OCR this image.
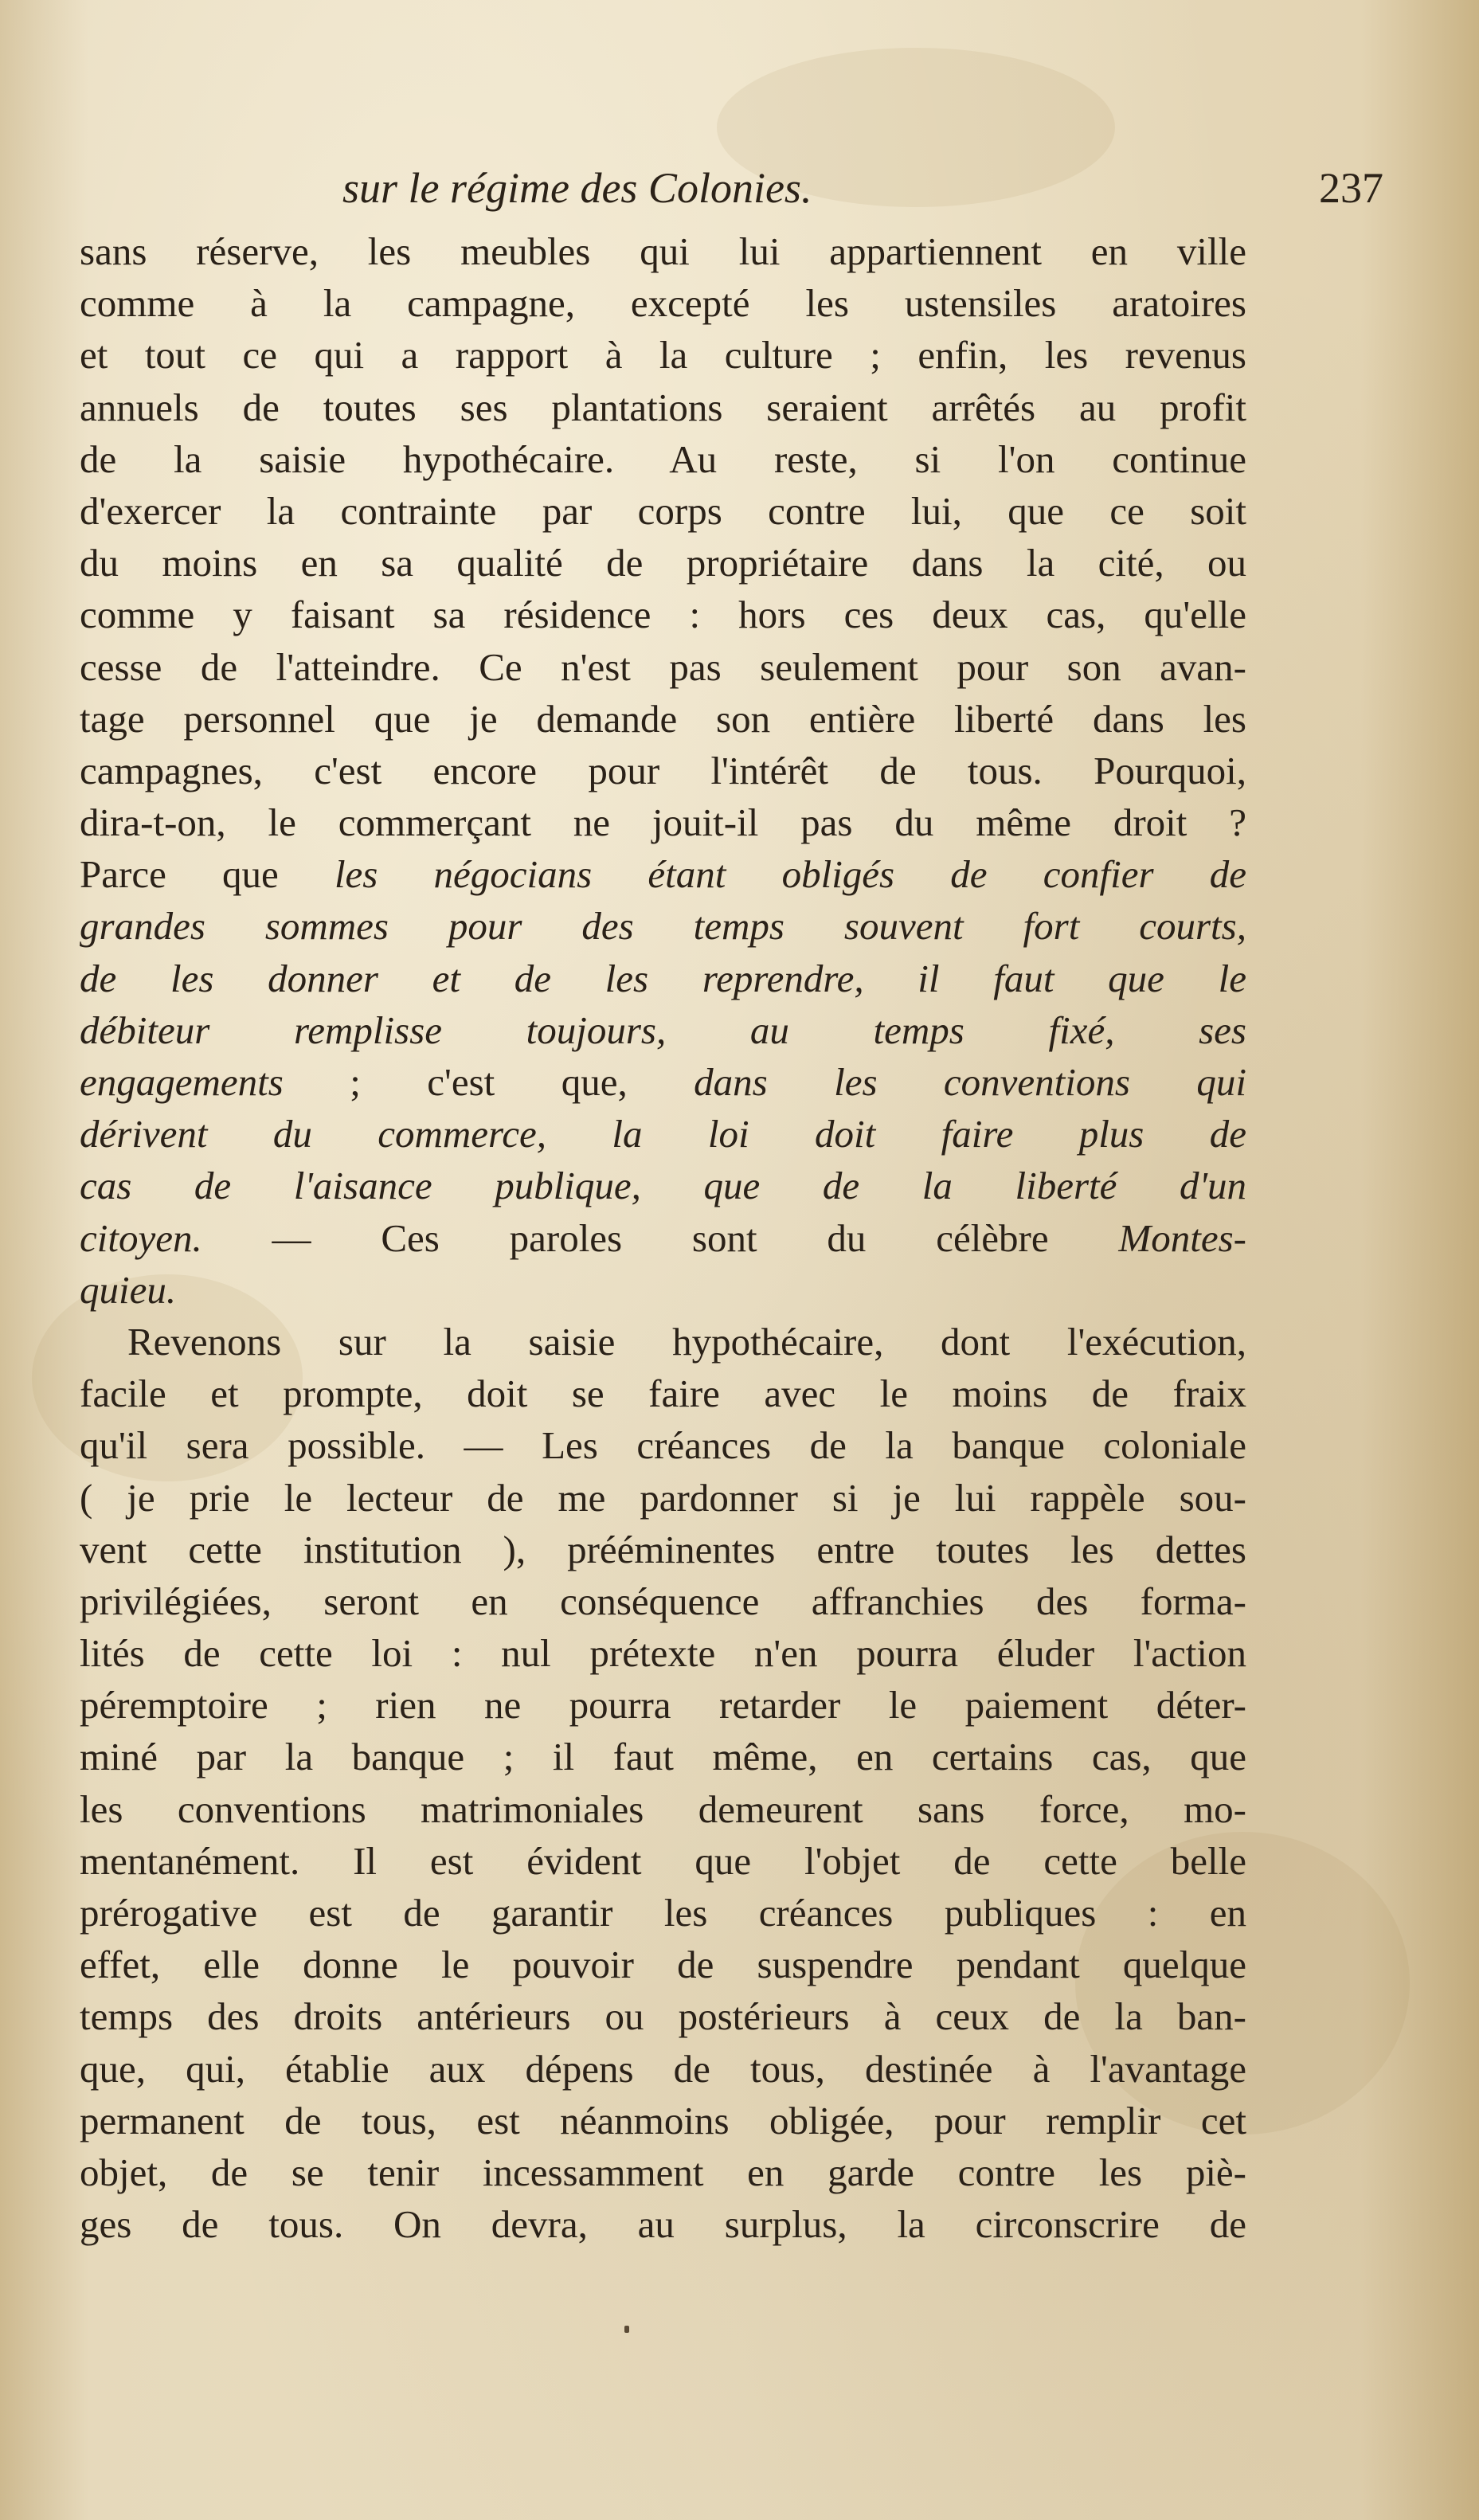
sur le régime des Colonies.	237
sans réserve, les meubles qui lui appartiennent en ville
comme à la campagne, excepté les ustensiles aratoires
et tout ce qui a rapport à la culture ; enfin, les revenus
annuels de toutes ses plantations seraient arrêtés au profit
de la saisie hypothécaire. Au reste, si l'on continue
d'exercer la contrainte par corps contre lui, que ce soit
du moins en sa qualité de propriétaire dans la cité, ou
comme y faisant sa résidence : hors ces deux cas, qu'elle
cesse de l'atteindre. Ce n'est pas seulement pour son avan-
tage personnel que je demande son entière liberté dans les
campagnes, c'est encore pour l'intérêt de tous. Pourquoi,
dira-t-on, le commerçant ne jouit-il pas du même droit ?
Parce que les négocians étant obligés de confier de
grandes sommes pour des temps souvent fort courts,
de les donner et de les reprendre, il faut que le
débiteur remplisse toujours, au temps fixé, ses
engagements ; c'est que, dans les conventions qui
dérivent du commerce, la loi doit faire plus de
cas de l'aisance publique, que de la liberté d'un
citoyen. — Ces paroles sont du célèbre Montes-
quieu.
Revenons sur la saisie hypothécaire, dont l'exécution,
facile et prompte, doit se faire avec le moins de fraix
qu'il sera possible. — Les créances de la banque coloniale
( je prie le lecteur de me pardonner si je lui rappèle sou-
vent cette institution ), prééminentes entre toutes les dettes
privilégiées, seront en conséquence affranchies des forma-
lités de cette loi : nul prétexte n'en pourra éluder l'action
péremptoire ; rien ne pourra retarder le paiement déter-
miné par la banque ; il faut même, en certains cas, que
les conventions matrimoniales demeurent sans force, mo-
mentanément. Il est évident que l'objet de cette belle
prérogative est de garantir les créances publiques : en
effet, elle donne le pouvoir de suspendre pendant quelque
temps des droits antérieurs ou postérieurs à ceux de la ban-
que, qui, établie aux dépens de tous, destinée à l'avantage
permanent de tous, est néanmoins obligée, pour remplir cet
objet, de se tenir incessamment en garde contre les piè-
ges de tous. On devra, au surplus, la circonscrire de
